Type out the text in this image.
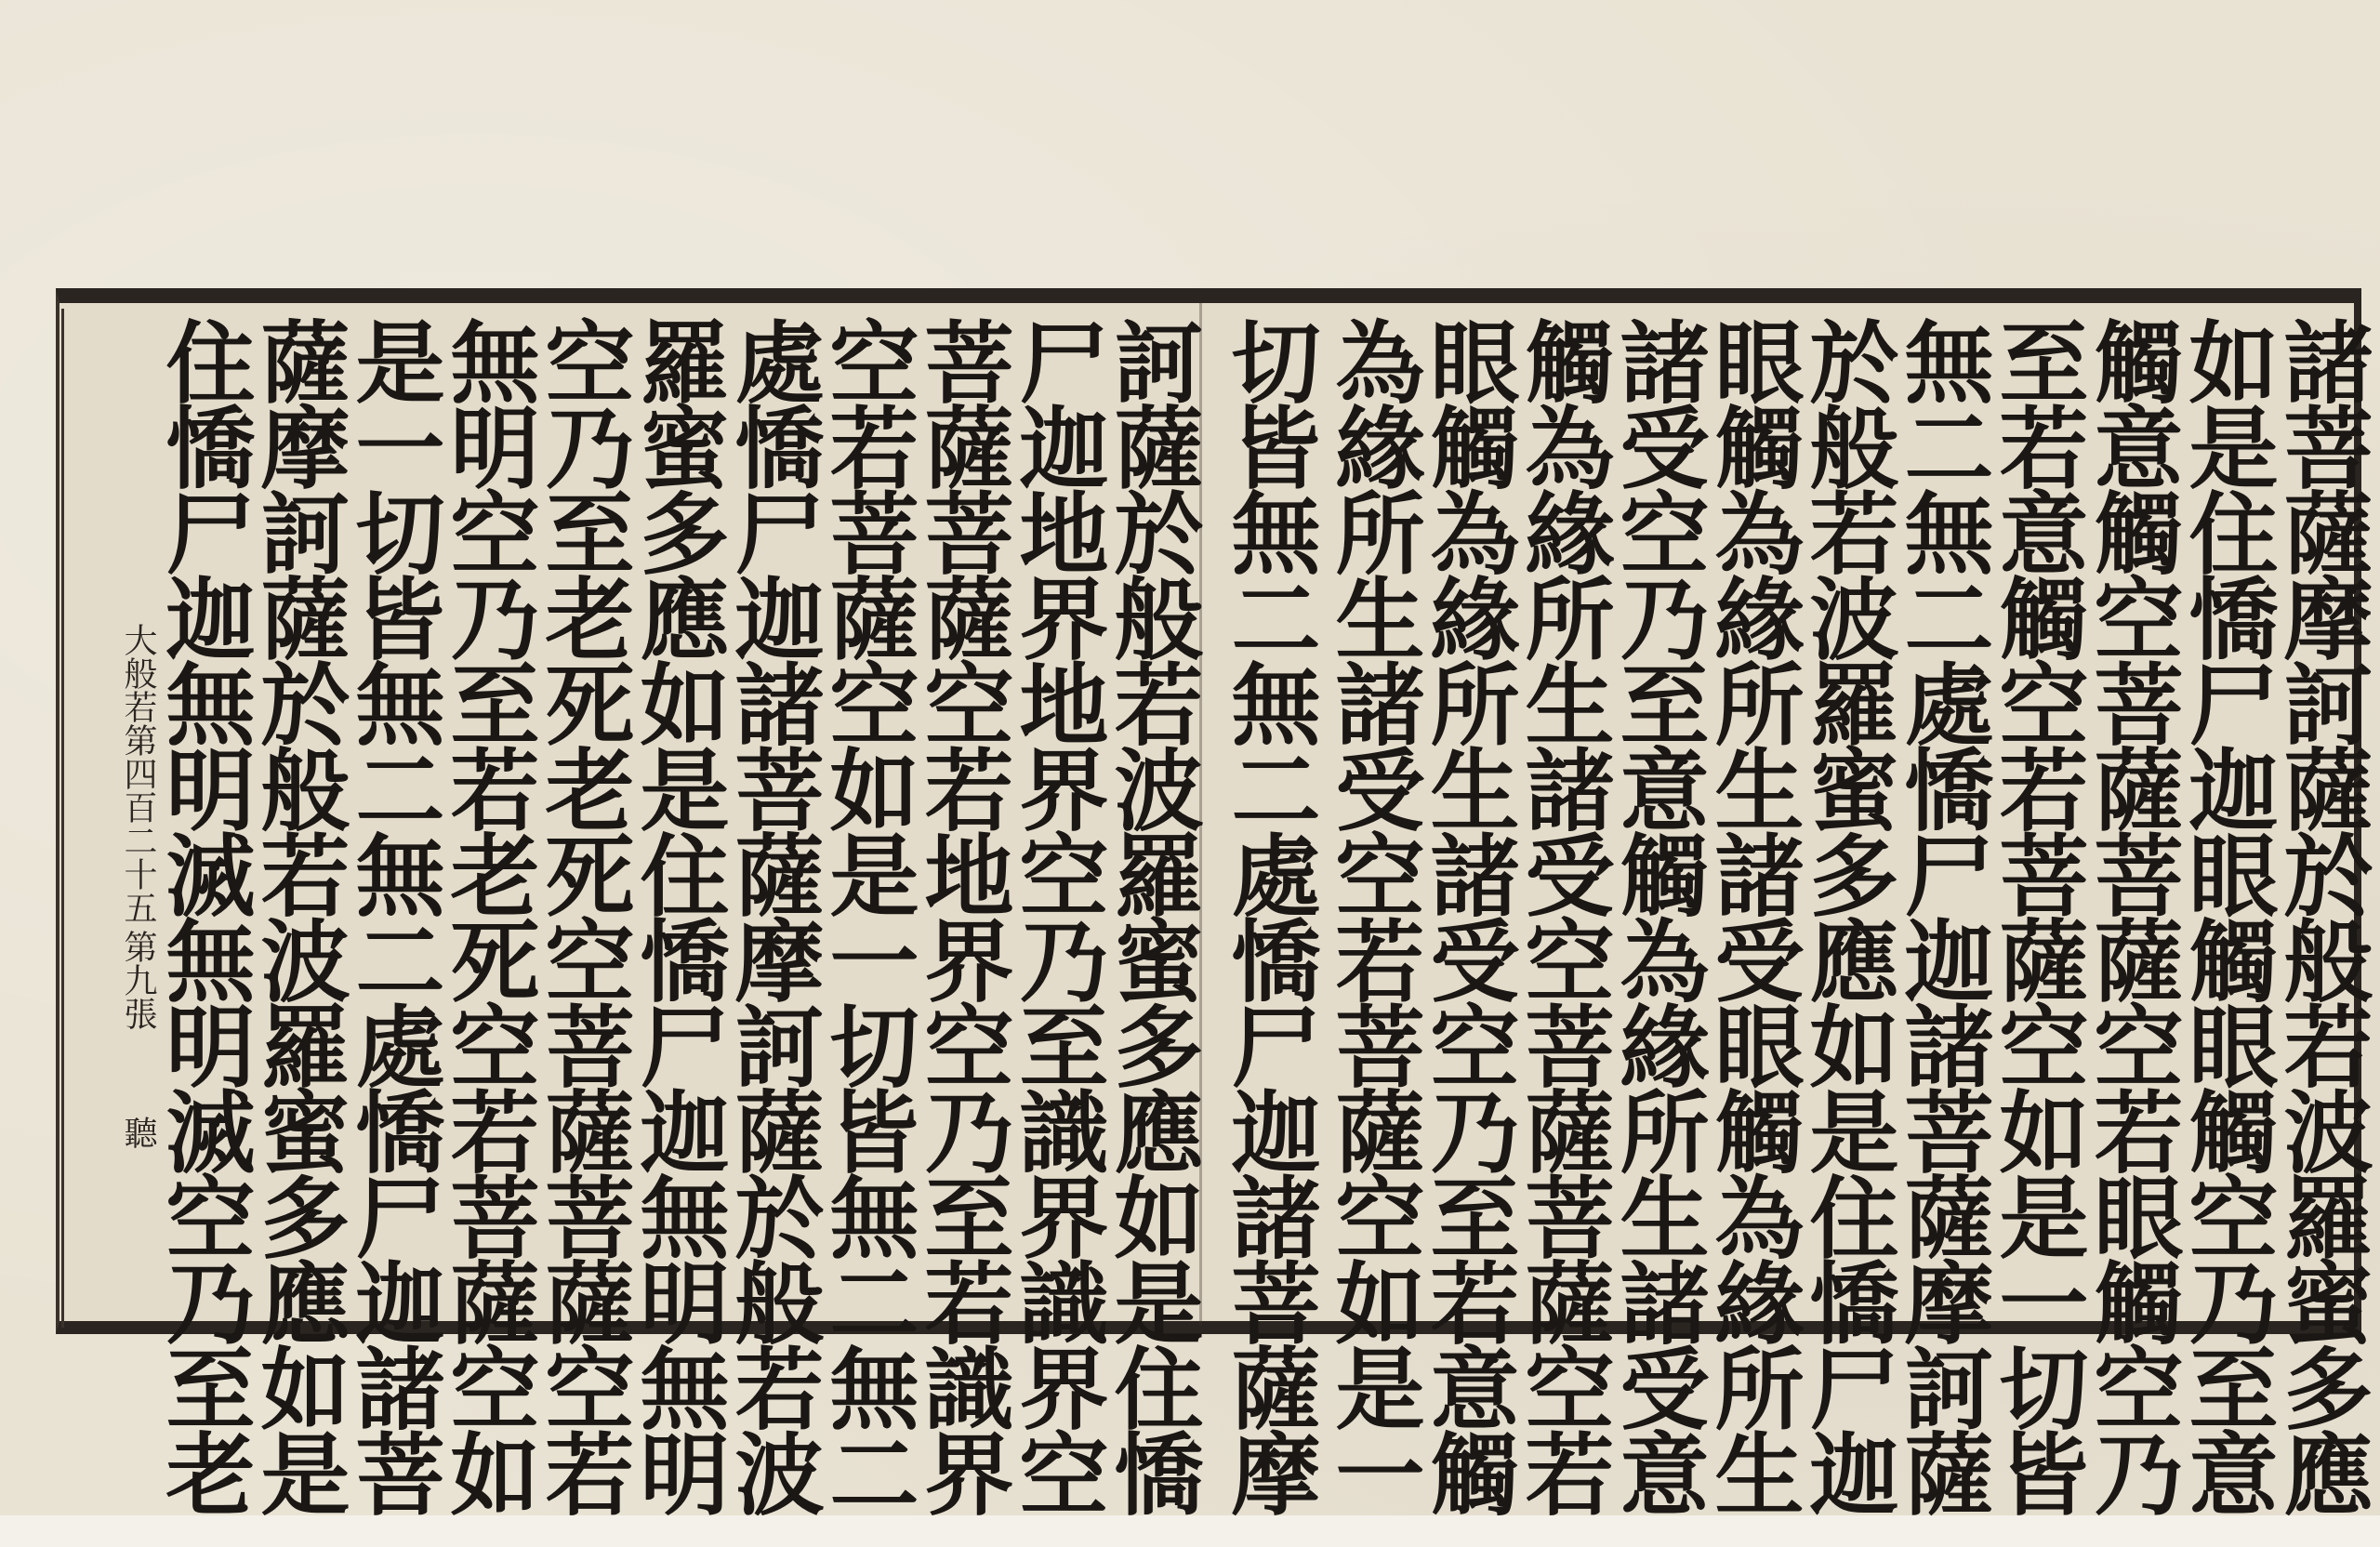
諸菩薩摩訶薩於般若波羅蜜多應
如是住憍尸迦眼觸眼觸空乃至意
觸意觸空菩薩菩薩空若眼觸空乃
至若意觸空若菩薩空如是一切皆
無二無二處憍尸迦諸菩薩摩訶薩
於般若波羅蜜多應如是住憍尸迦
眼觸為緣所生諸受眼觸為緣所生
諸受空乃至意觸為緣所生諸受意
觸為緣所生諸受空菩薩菩薩空若
眼觸為緣所生諸受空乃至若意觸
為緣所生諸受空若菩薩空如是一
切皆無二無二處憍尸迦諸菩薩摩
訶薩於般若波羅蜜多應如是住憍
尸迦地界地界空乃至識界識界空
菩薩菩薩空若地界空乃至若識界
空若菩薩空如是一切皆無二無二
處憍尸迦諸菩薩摩訶薩於般若波
羅蜜多應如是住憍尸迦無明無明
空乃至老死老死空菩薩菩薩空若
無明空乃至若老死空若菩薩空如
是一切皆無二無二處憍尸迦諸菩
薩摩訶薩於般若波羅蜜多應如是
住憍尸迦無明滅無明滅空乃至老
大般若第四百二十五
第九張
聽
